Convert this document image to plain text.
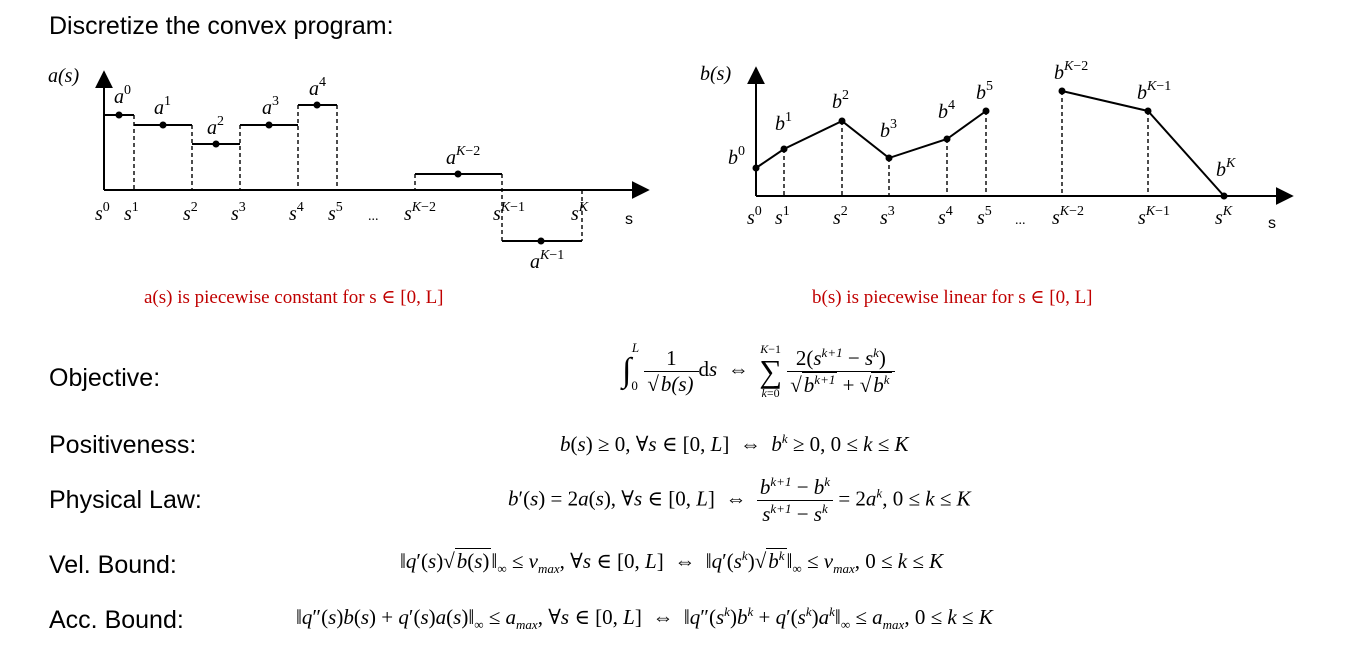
Discretize the convex program:
a(s)
$a^0$
$a^1$
$a^2$
$a^3$
$a^4$
$a^K-2$
$a^K-1$
$s^0$ $s^1$ $s^2$ $s^3$ $s^4$ $s^5$
... $s^K-2$	$s^K-1$ $s^K$
s
b(s)
$b^0$
$b^1$
$b^2$
$b^3$
$b^4$
$b^5$
$b^K-2$
$b^K-1$
$b^K$
$s^0$ $s^1$ $s^2$ $s^3$ $s^4$ $s^5$
... $s^K-2$	$s^K-1$ $s^K$
s
a(s) is piecewise constant for s ∈ [0, L]	b(s) is piecewise linear for s ∈ [0, L]
Objective:
Positiveness:
Physical Law:
Vel. Bound:
Acc. Bound:
$\int_0^L \frac{1}{√b(s)}$ ds  ⇔
K−1
∑
k=0
$\frac{2(s^{k+1} - s^k)}{√b^{k+1} + √b^k}$
b(s) ≥ 0, ∀s ∈ [0, L] ⇔  $b^k \ge 0$, 0 ≤ k ≤ K
b′(s) = 2a(s), ∀s ∈ [0, L] ⇔ $\frac{b^{k+1} - b^k}{s^{k+1} - s^k} = 2a^k$, 0 ≤ k ≤ K
$‖q'(s)√b(s)‖_\infty \le v_{max}$, ∀s ∈ [0, L] ⇔ $‖q'(s^k)√b^k‖_\infty \le v_{max}$, 0 ≤ k ≤ K
‖q″(s)b(s) + $q'(s)a(s)‖_\infty \le a_{max}$, ∀s ∈ [0, L] ⇔ $‖q''(s^k)b^k$ + $q'(s^k)a^k‖_\infty \le a_{max}$, 0 ≤ k ≤ K
